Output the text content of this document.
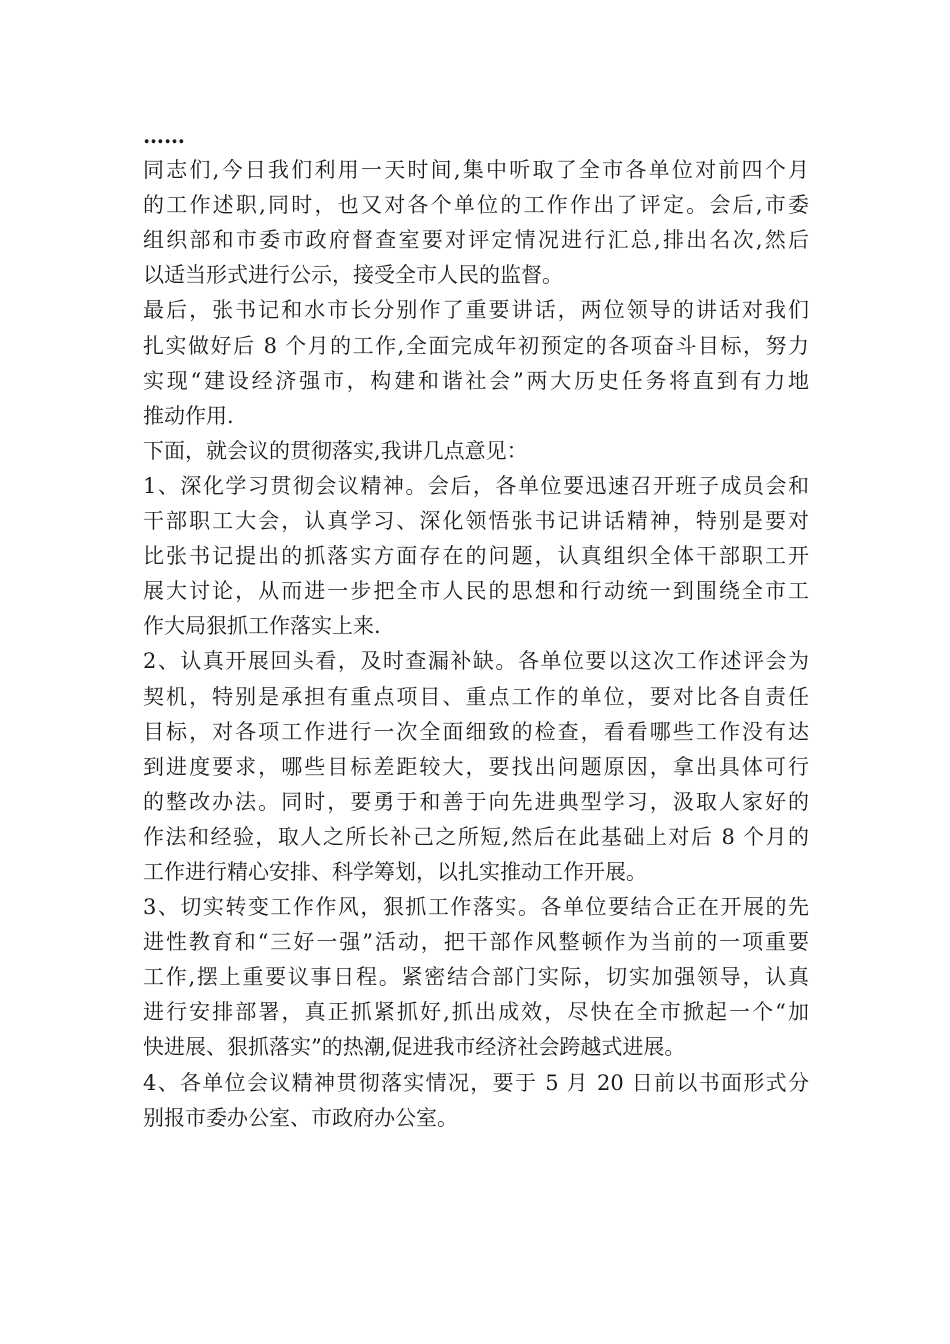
……
同志们,今日我们利用一天时间,集中听取了全市各单位对前四个月
的工作述职,同时，也又对各个单位的工作作出了评定。会后,市委
组织部和市委市政府督查室要对评定情况进行汇总,排出名次,然后
以适当形式进行公示，接受全市人民的监督。
最后，张书记和水市长分别作了重要讲话，两位领导的讲话对我们
扎实做好后 8 个月的工作,全面完成年初预定的各项奋斗目标，努力
实现“建设经济强市，构建和谐社会”两大历史任务将直到有力地
推动作用.
下面，就会议的贯彻落实,我讲几点意见：
1、深化学习贯彻会议精神。会后，各单位要迅速召开班子成员会和
干部职工大会，认真学习、深化领悟张书记讲话精神，特别是要对
比张书记提出的抓落实方面存在的问题，认真组织全体干部职工开
展大讨论，从而进一步把全市人民的思想和行动统一到围绕全市工
作大局狠抓工作落实上来.
2、认真开展回头看，及时查漏补缺。各单位要以这次工作述评会为
契机，特别是承担有重点项目、重点工作的单位，要对比各自责任
目标，对各项工作进行一次全面细致的检查，看看哪些工作没有达
到进度要求，哪些目标差距较大，要找出问题原因，拿出具体可行
的整改办法。同时，要勇于和善于向先进典型学习，汲取人家好的
作法和经验，取人之所长补己之所短,然后在此基础上对后 8 个月的
工作进行精心安排、科学筹划，以扎实推动工作开展。
3、切实转变工作作风，狠抓工作落实。各单位要结合正在开展的先
进性教育和“三好一强”活动，把干部作风整顿作为当前的一项重要
工作,摆上重要议事日程。紧密结合部门实际，切实加强领导，认真
进行安排部署，真正抓紧抓好,抓出成效，尽快在全市掀起一个“加
快进展、狠抓落实”的热潮,促进我市经济社会跨越式进展。
4、各单位会议精神贯彻落实情况，要于 5 月 20 日前以书面形式分
别报市委办公室、市政府办公室。
